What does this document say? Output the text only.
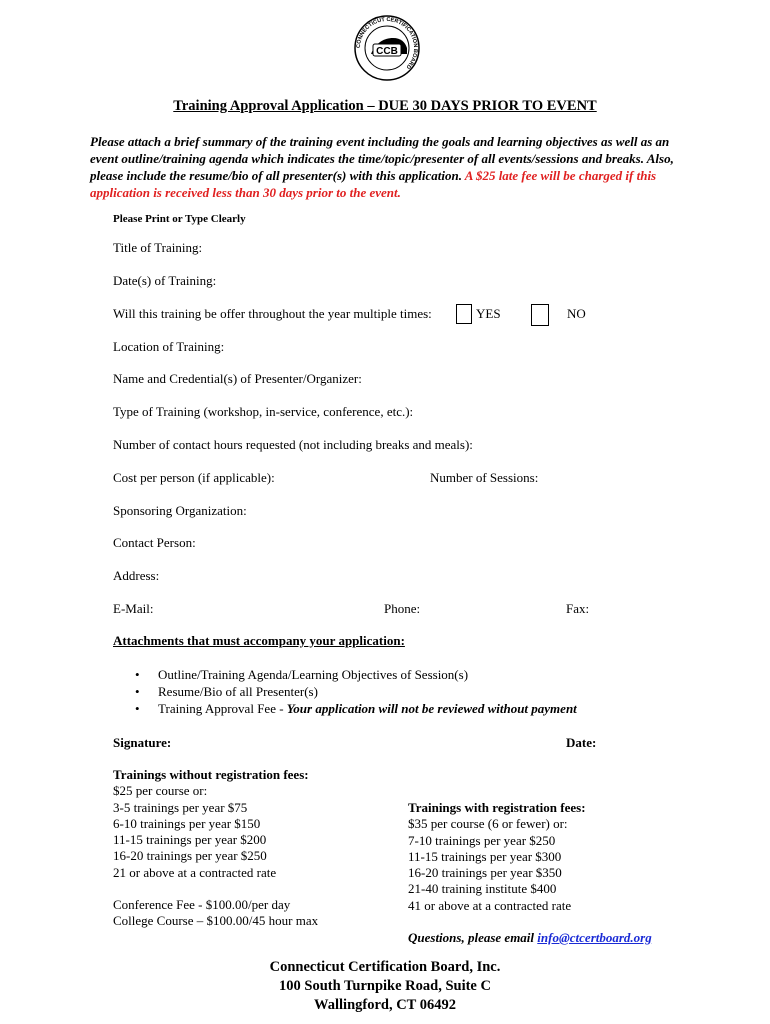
CONNECTICUT CERTIFICATION BOARD
CCB
Training Approval Application – DUE 30 DAYS PRIOR TO EVENT
Please attach a brief summary of the training event including the goals and learning objectives as well as an event outline/training agenda which indicates the time/topic/presenter of all events/sessions and breaks. Also, please include the resume/bio of all presenter(s) with this application. A $25 late fee will be charged if this application is received less than 30 days prior to the event.
Please Print or Type Clearly
Title of Training:
Date(s) of Training:
Will this training be offer throughout the year multiple times:	YES	NO
Location of Training:
Name and Credential(s) of Presenter/Organizer:
Type of Training (workshop, in-service, conference, etc.):
Number of contact hours requested (not including breaks and meals):
Cost per person (if applicable):	Number of Sessions:
Sponsoring Organization:
Contact Person:
Address:
E-Mail:	Phone:	Fax:
Attachments that must accompany your application:
• Outline/Training Agenda/Learning Objectives of Session(s)
• Resume/Bio of all Presenter(s)
• Training Approval Fee - Your application will not be reviewed without payment
Signature:	Date:
Trainings without registration fees:
$25 per course or:
3-5 trainings per year $75
6-10 trainings per year $150
11-15 trainings per year $200
16-20 trainings per year $250
21 or above at a contracted rate
Conference Fee - $100.00/per day
College Course – $100.00/45 hour max
Trainings with registration fees:
$35 per course (6 or fewer) or:
7-10 trainings per year $250
11-15 trainings per year $300
16-20 trainings per year $350
21-40 training institute $400
41 or above at a contracted rate
Questions, please email info@ctcertboard.org
Connecticut Certification Board, Inc.
100 South Turnpike Road, Suite C
Wallingford, CT 06492
